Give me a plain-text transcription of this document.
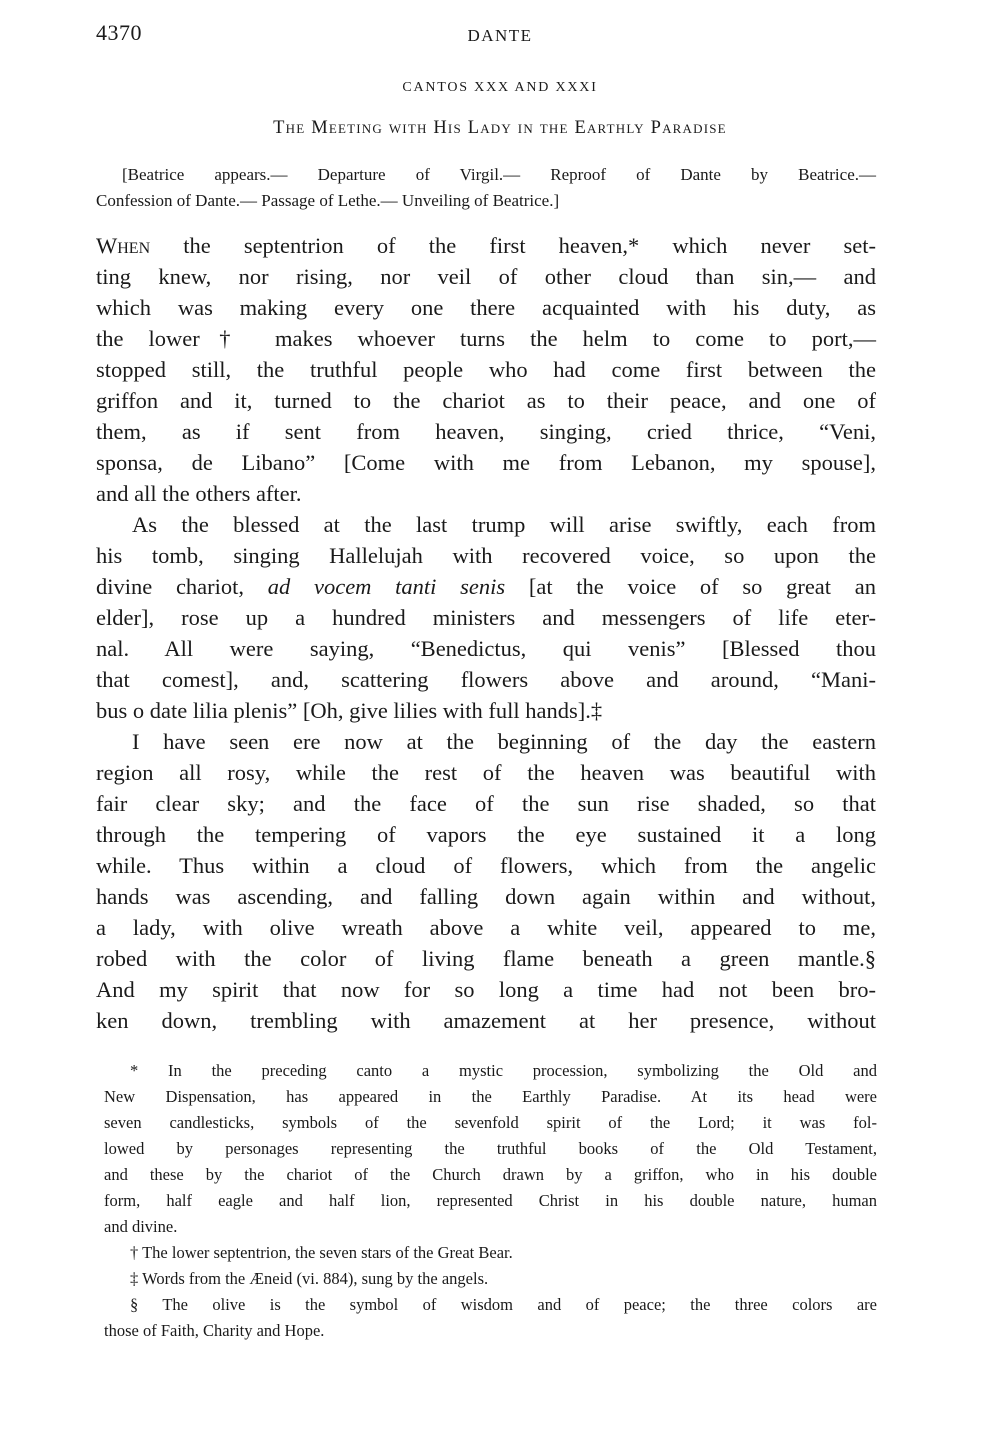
4370	DANTE
CANTOS XXX AND XXXI
The Meeting with His Lady in the Earthly Paradise
[Beatrice appears.— Departure of Virgil.— Reproof of Dante by Beatrice.—
Confession of Dante.— Passage of Lethe.— Unveiling of Beatrice.]
When the septentrion of the first heaven,* which never set-
ting knew, nor rising, nor veil of other cloud than sin,— and
which was making every one there acquainted with his duty, as
the lower† makes whoever turns the helm to come to port,—
stopped still, the truthful people who had come first between the
griffon and it, turned to the chariot as to their peace, and one of
them, as if sent from heaven, singing, cried thrice, “Veni,
sponsa, de Libano” [Come with me from Lebanon, my spouse],
and all the others after.
As the blessed at the last trump will arise swiftly, each from
his tomb, singing Hallelujah with recovered voice, so upon the
divine chariot, ad vocem tanti senis [at the voice of so great an
elder], rose up a hundred ministers and messengers of life eter-
nal. All were saying, “Benedictus, qui venis” [Blessed thou
that comest], and, scattering flowers above and around, “Mani-
bus o date lilia plenis” [Oh, give lilies with full hands].‡
I have seen ere now at the beginning of the day the eastern
region all rosy, while the rest of the heaven was beautiful with
fair clear sky; and the face of the sun rise shaded, so that
through the tempering of vapors the eye sustained it a long
while. Thus within a cloud of flowers, which from the angelic
hands was ascending, and falling down again within and without,
a lady, with olive wreath above a white veil, appeared to me,
robed with the color of living flame beneath a green mantle.§
And my spirit that now for so long a time had not been bro-
ken down, trembling with amazement at her presence, without
* In the preceding canto a mystic procession, symbolizing the Old and
New Dispensation, has appeared in the Earthly Paradise. At its head were
seven candlesticks, symbols of the sevenfold spirit of the Lord; it was fol-
lowed by personages representing the truthful books of the Old Testament,
and these by the chariot of the Church drawn by a griffon, who in his double
form, half eagle and half lion, represented Christ in his double nature, human
and divine.
† The lower septentrion, the seven stars of the Great Bear.
‡ Words from the Æneid (vi. 884), sung by the angels.
§ The olive is the symbol of wisdom and of peace; the three colors are
those of Faith, Charity and Hope.
